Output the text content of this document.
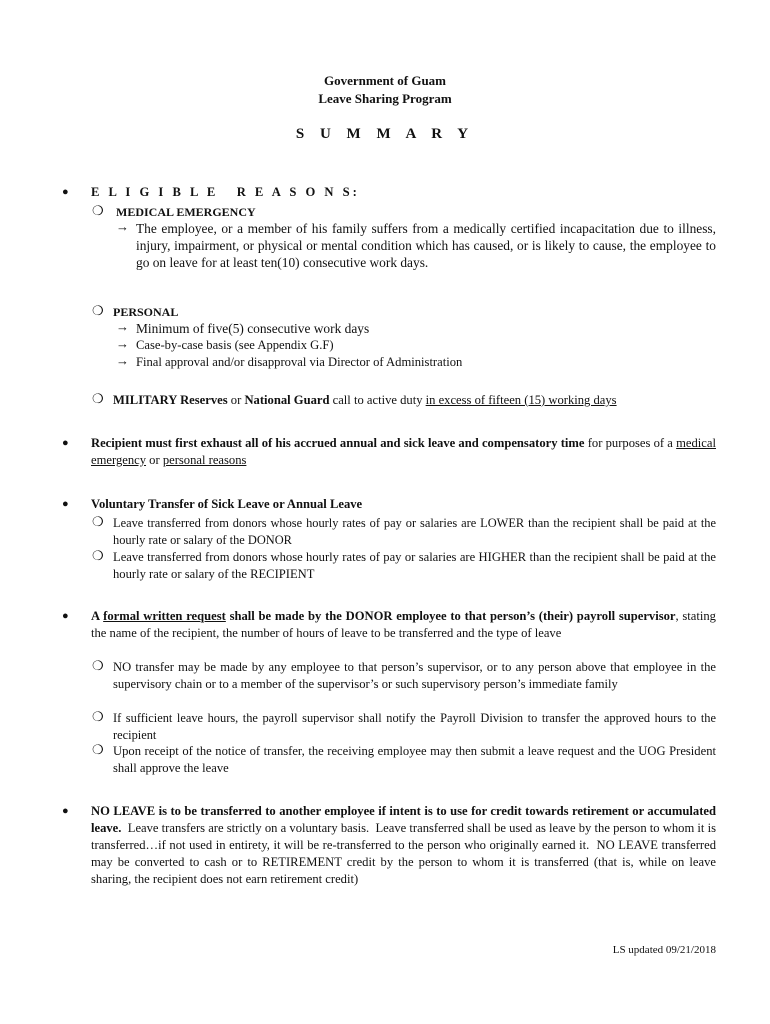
Government of Guam
Leave Sharing Program
S U M M A R Y
● E L I G I B L E   R E A S O N S:
❍ MEDICAL EMERGENCY
→ The employee, or a member of his family suffers from a medically certified incapacitation due to illness, injury, impairment, or physical or mental condition which has caused, or is likely to cause, the employee to go on leave for at least ten(10) consecutive work days.
❍ PERSONAL
→ Minimum of five(5) consecutive work days
→ Case-by-case basis (see Appendix G.F)
→ Final approval and/or disapproval via Director of Administration
❍ MILITARY Reserves or National Guard call to active duty in excess of fifteen (15) working days
● Recipient must first exhaust all of his accrued annual and sick leave and compensatory time for purposes of a medical emergency or personal reasons
● Voluntary Transfer of Sick Leave or Annual Leave
❍ Leave transferred from donors whose hourly rates of pay or salaries are LOWER than the recipient shall be paid at the hourly rate or salary of the DONOR
❍ Leave transferred from donors whose hourly rates of pay or salaries are HIGHER than the recipient shall be paid at the hourly rate or salary of the RECIPIENT
● A formal written request shall be made by the DONOR employee to that person’s (their) payroll supervisor, stating the name of the recipient, the number of hours of leave to be transferred and the type of leave
❍ NO transfer may be made by any employee to that person’s supervisor, or to any person above that employee in the supervisory chain or to a member of the supervisor’s or such supervisory person’s immediate family
❍ If sufficient leave hours, the payroll supervisor shall notify the Payroll Division to transfer the approved hours to the recipient
❍ Upon receipt of the notice of transfer, the receiving employee may then submit a leave request and the UOG President shall approve the leave
● NO LEAVE is to be transferred to another employee if intent is to use for credit towards retirement or accumulated leave.  Leave transfers are strictly on a voluntary basis.  Leave transferred shall be used as leave by the person to whom it is transferred…if not used in entirety, it will be re-transferred to the person who originally earned it.  NO LEAVE transferred may be converted to cash or to RETIREMENT credit by the person to whom it is transferred (that is, while on leave sharing, the recipient does not earn retirement credit)
LS updated 09/21/2018
